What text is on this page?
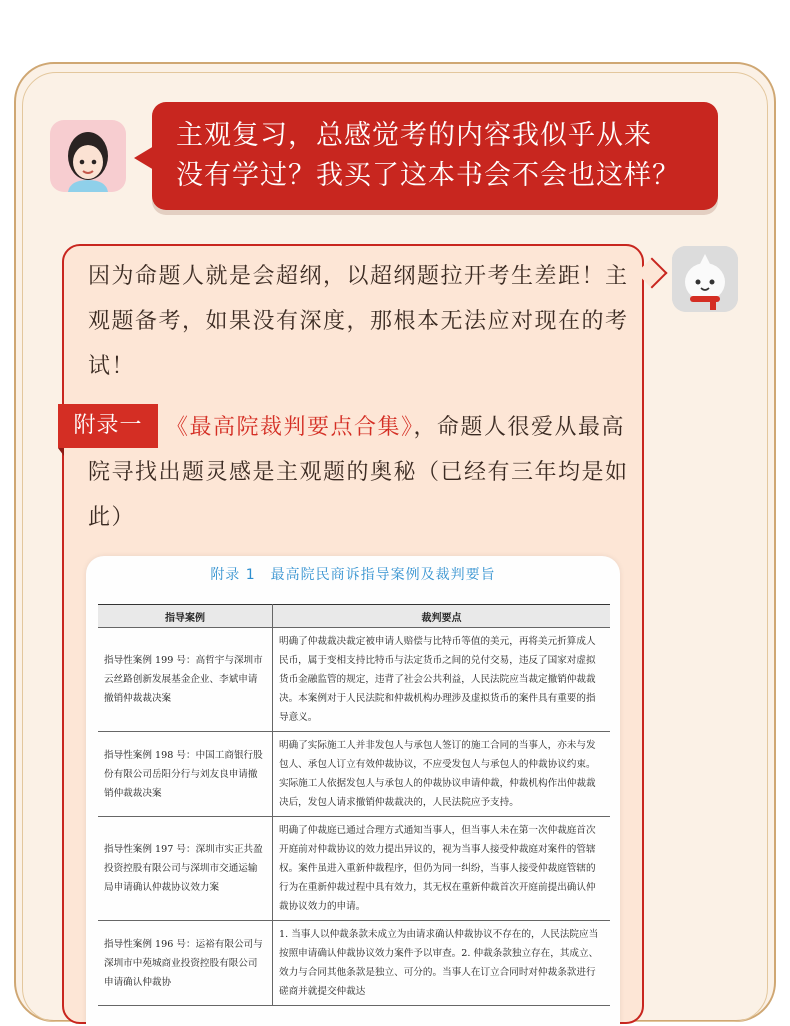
主观复习，总感觉考的内容我似乎从来
没有学过？我买了这本书会不会也这样？
因为命题人就是会超纲，以超纲题拉开考生差距！主观题备考，如果没有深度，那根本无法应对现在的考试！
附录一	《最高院裁判要点合集》，命题人很爱从最高院寻找出题灵感是主观题的奥秘（已经有三年均是如此）
附录 1　最高院民商诉指导案例及裁判要旨
指导案例	裁判要点
指导性案例 199 号：高哲宇与深圳市云丝路创新发展基金企业、李斌申请撤销仲裁裁决案	明确了仲裁裁决裁定被申请人赔偿与比特币等值的美元，再将美元折算成人民币，属于变相支持比特币与法定货币之间的兑付交易，违反了国家对虚拟货币金融监管的规定，违背了社会公共利益，人民法院应当裁定撤销仲裁裁决。本案例对于人民法院和仲裁机构办理涉及虚拟货币的案件具有重要的指导意义。
指导性案例 198 号：中国工商银行股份有限公司岳阳分行与刘友良申请撤销仲裁裁决案	明确了实际施工人并非发包人与承包人签订的施工合同的当事人，亦未与发包人、承包人订立有效仲裁协议，不应受发包人与承包人的仲裁协议约束。实际施工人依据发包人与承包人的仲裁协议申请仲裁，仲裁机构作出仲裁裁决后，发包人请求撤销仲裁裁决的，人民法院应予支持。
指导性案例 197 号：深圳市实正共盈投资控股有限公司与深圳市交通运输局申请确认仲裁协议效力案	明确了仲裁庭已通过合理方式通知当事人，但当事人未在第一次仲裁庭首次开庭前对仲裁协议的效力提出异议的，视为当事人接受仲裁庭对案件的管辖权。案件虽进入重新仲裁程序，但仍为同一纠纷，当事人接受仲裁庭管辖的行为在重新仲裁过程中具有效力，其无权在重新仲裁首次开庭前提出确认仲裁协议效力的申请。
指导性案例 196 号：运裕有限公司与深圳市中苑城商业投资控股有限公司申请确认仲裁协	1. 当事人以仲裁条款未成立为由请求确认仲裁协议不存在的，人民法院应当按照申请确认仲裁协议效力案件予以审查。2. 仲裁条款独立存在，其成立、效力与合同其他条款是独立、可分的。当事人在订立合同时对仲裁条款进行磋商并就提交仲裁达
